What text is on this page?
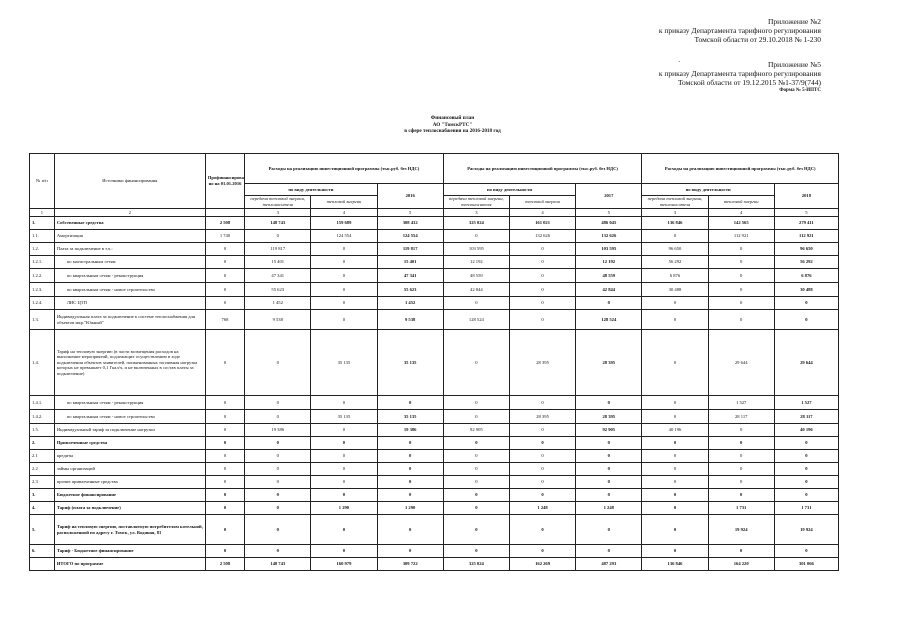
Приложение №2
к приказу Департамента тарифного регулирования
Томской области от 29.10.2018 № 1-230
·	Приложение №5
к приказу Департамента тарифного регулирования
Томской области от 19.12.2015 №1-37/9(744)
Форма № 5-ИПТС
Финансовый план
АО "ТомскРТС"
в сфере теплоснабжения на 2016-2018 год
№ п/п	Источники финансирования	Профинансирова но на 01.01.2016	Расходы на реализацию инвестиционной программы (тыс.руб. без НДС)			Расходы на реализацию инвестиционной программы (тыс.руб. без НДС)			Расходы на реализацию инвестиционной программы (тыс.руб. без НДС)		
			по виду деятельности		2016	по виду деятельности		2017	по виду деятельности		2018
			передача тепловой энергии, теплоносителя	тепловой энергии		передача тепловой энергии, теплоносителя	тепловой энергии		передача тепловой энергии, теплоносителя	тепловой энергии	
1	2		3	4	5	3	4	5	3	4	5
1.	Собственные средства	2 508	148 743	159 689	308 432	325 024	161 021	486 045	136 846	142 565	279 411
1.1.	Амортизация	1 740	0	124 554	124 554	0	132 626	132 626	0	112 921	112 921
1.2.	Плата за подключение в т.ч.:	0	119 817	0	119 817	103 595	0	103 595	96 650	0	96 650
1.2.1.	по магистральным сетям	0	15 401	0	15 401	12 192	0	12 192	56 292	0	56 292
1.2.2.	по квартальным сетям - реконструкция	0	47 341	0	47 341	48 559	0	48 559	6 876	0	6 876
1.2.3.	по квартальным сетям - новое строительство	0	55 623	0	55 623	42 844	0	42 844	30 488	0	30 488
1.2.4.	ЛИС ЦТП	0	1 452	0	1 452	0	0	0	0	0	0
1.3.	Индивидуальная плата за подключение к системе теплоснабжения для объектов мкр."Южный"	768	9 538	0	9 538	128 524	0	128 524	0	0	0
1.4.	Тариф на тепловую энергию (в части возмещения расходов на выполнение мероприятий, подлежащих осуществлению в ходе подключения объектов заявителей, поименованных топливная нагрузка которых не превышает 0,1 Гкал/ч, и не включенных в состав платы за подключение)	0	0	35 135	35 135	0	28 395	28 395	0	29 644	29 644
1.4.1.	по квартальным сетям - реконструкция	0	0	0	0	0	0	0	0	1 527	1 527
1.4.2.	по квартальным сетям - новое строительство	0	0	35 135	35 135	0	28 395	28 395	0	28 117	28 117
1.5.	Индивидуальный тариф за подключение нагрузки	0	19 386	0	19 386	92 905	0	92 905	40 196	0	40 196
2.	Привлеченные средства	0	0	0	0	0	0	0	0	0	0
2.1	кредиты	0	0	0	0	0	0	0	0	0	0
2.2	займы организаций	0	0	0	0	0	0	0	0	0	0
2.3	прочие привлеченные средства	0	0	0	0	0	0	0	0	0	0
3.	Бюджетное финансирование	0	0	0	0	0	0	0	0	0	0
4.	Тариф (плата за подключение)	0	0	1 290	1 290	0	1 248	1 248	0	1 731	1 731
5.	Тариф на тепловую энергию, поставляемую потребителям котельной, расположенной по адресу г. Томск, ул. Водяная, 81	0	0	0	0	0	0	0	0	19 924	19 924
6.	Тариф - Бюджетное финансирование	0	0	0	0	0	0	0	0	0	0
	ИТОГО по программе	2 508	148 743	160 979	309 722	325 024	162 269	487 293	136 846	164 220	301 066
